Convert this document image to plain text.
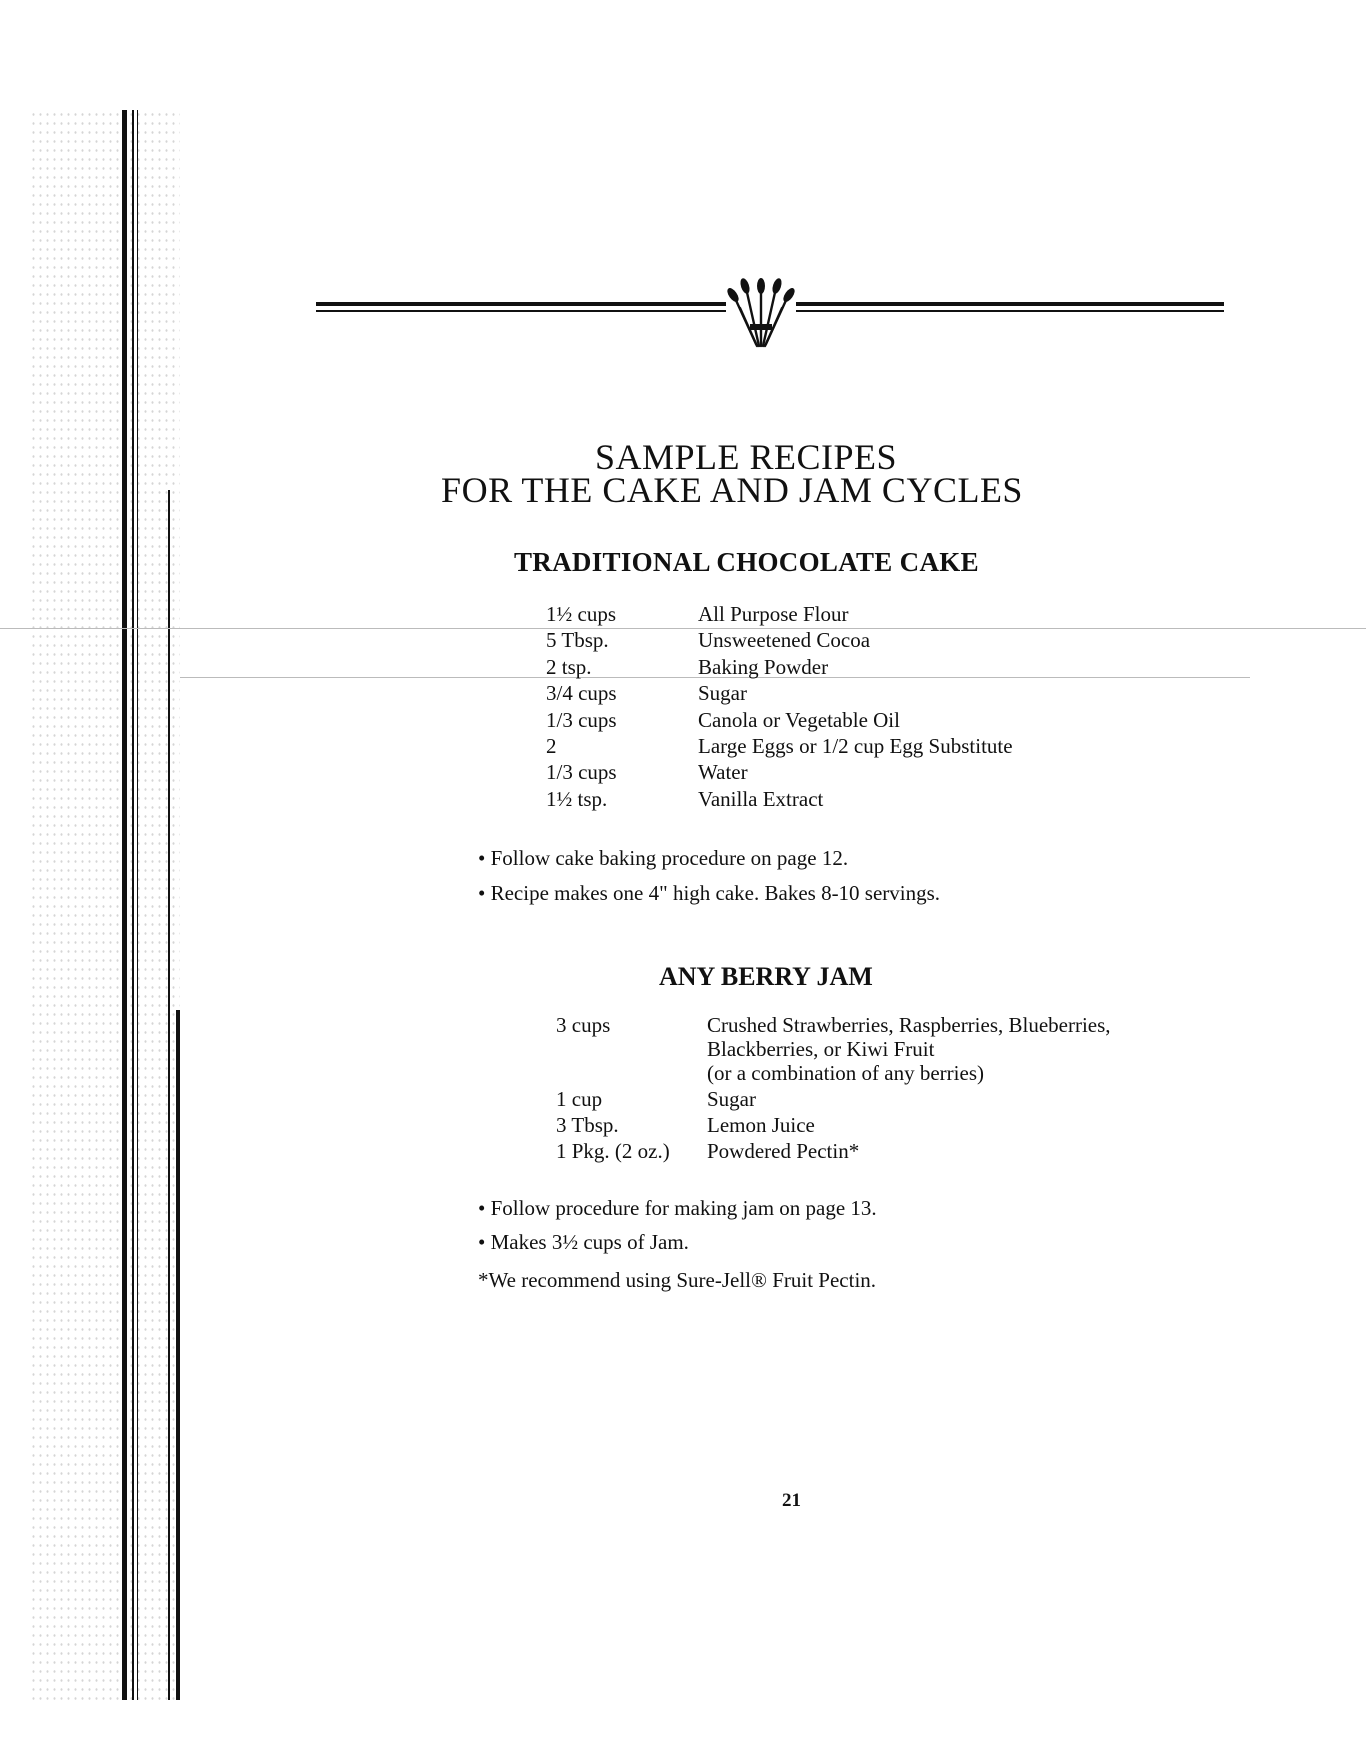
SAMPLE RECIPES
FOR THE CAKE AND JAM CYCLES
TRADITIONAL CHOCOLATE CAKE
1½ cups	All Purpose Flour
5 Tbsp.	Unsweetened Cocoa
2 tsp.	Baking Powder
3/4 cups	Sugar
1/3 cups	Canola or Vegetable Oil
2	Large Eggs or 1/2 cup Egg Substitute
1/3 cups	Water
1½ tsp.	Vanilla Extract
• Follow cake baking procedure on page 12.
• Recipe makes one 4" high cake. Bakes 8-10 servings.
ANY BERRY JAM
3 cups	Crushed Strawberries, Raspberries, Blueberries,
Blackberries, or Kiwi Fruit
(or a combination of any berries)
1 cup	Sugar
3 Tbsp.	Lemon Juice
1 Pkg. (2 oz.)	Powdered Pectin*
• Follow procedure for making jam on page 13.
• Makes 3½ cups of Jam.

*We recommend using Sure-Jell® Fruit Pectin.

21
